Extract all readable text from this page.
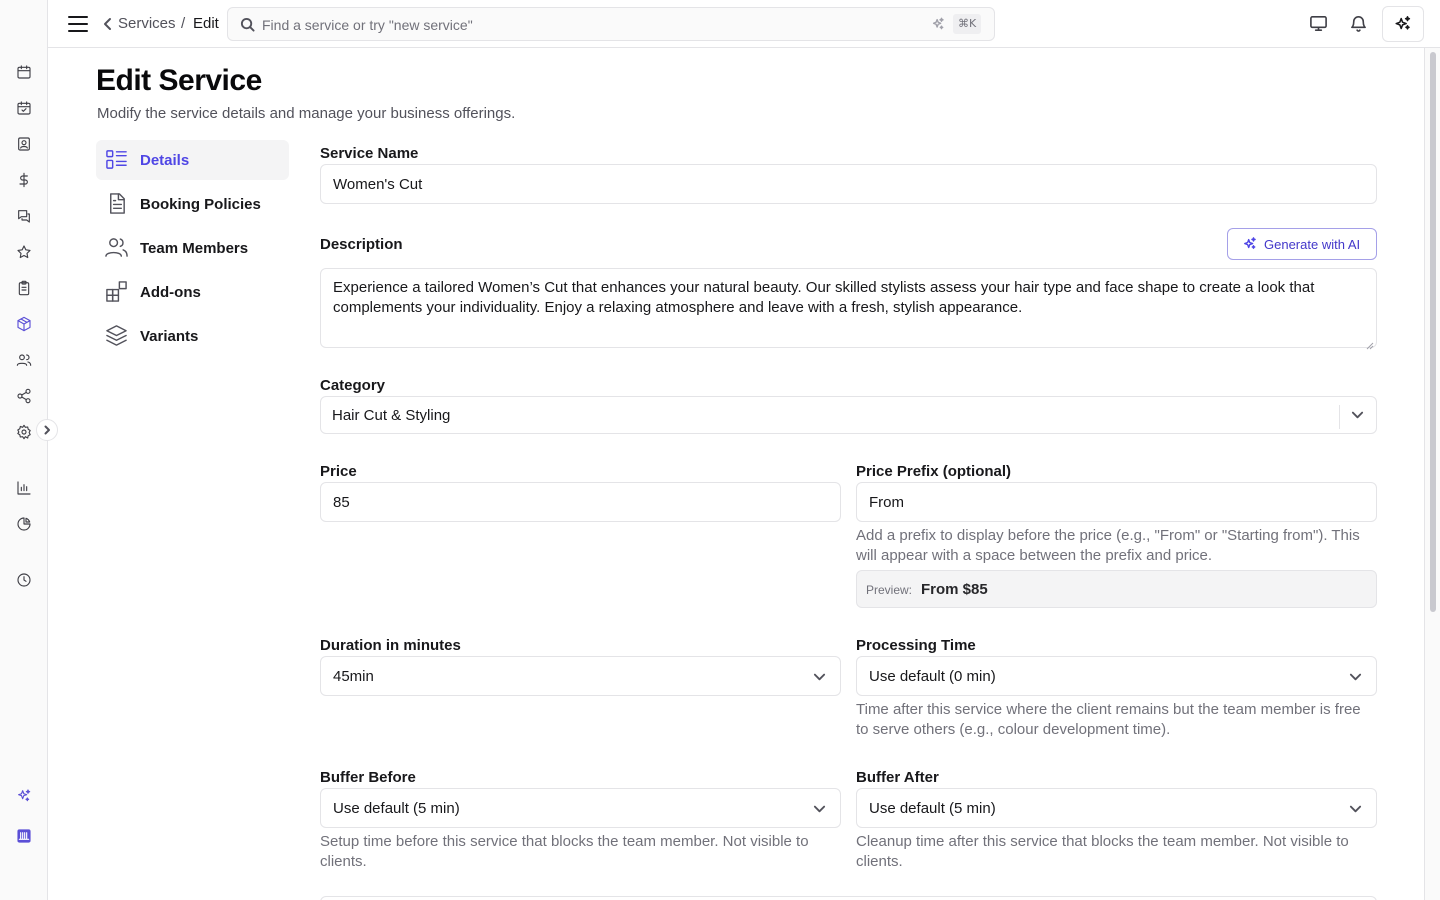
Services / Edit	Find a service or try "new service"	⌘K
Edit Service

Modify the service details and manage your business offerings.

Details
Booking Policies
Team Members
Add-ons
Variants
Service Name
Women's Cut
Description	Generate with AI
Experience a tailored Women’s Cut that enhances your natural beauty. Our skilled stylists assess your hair type and face shape to create a look that complements your individuality. Enjoy a relaxing atmosphere and leave with a fresh, stylish appearance.
Category
Hair Cut & Styling
Price
85
Price Prefix (optional)
From

Add a prefix to display before the price (e.g., "From" or "Starting from"). This will appear with a space between the prefix and price.

Preview: From $85
Duration in minutes
45min
Processing Time
Use default (0 min)

Time after this service where the client remains but the team member is free to serve others (e.g., colour development time).

Buffer Before
Use default (5 min)

Setup time before this service that blocks the team member. Not visible to clients.

Buffer After
Use default (5 min)

Cleanup time after this service that blocks the team member. Not visible to clients.
